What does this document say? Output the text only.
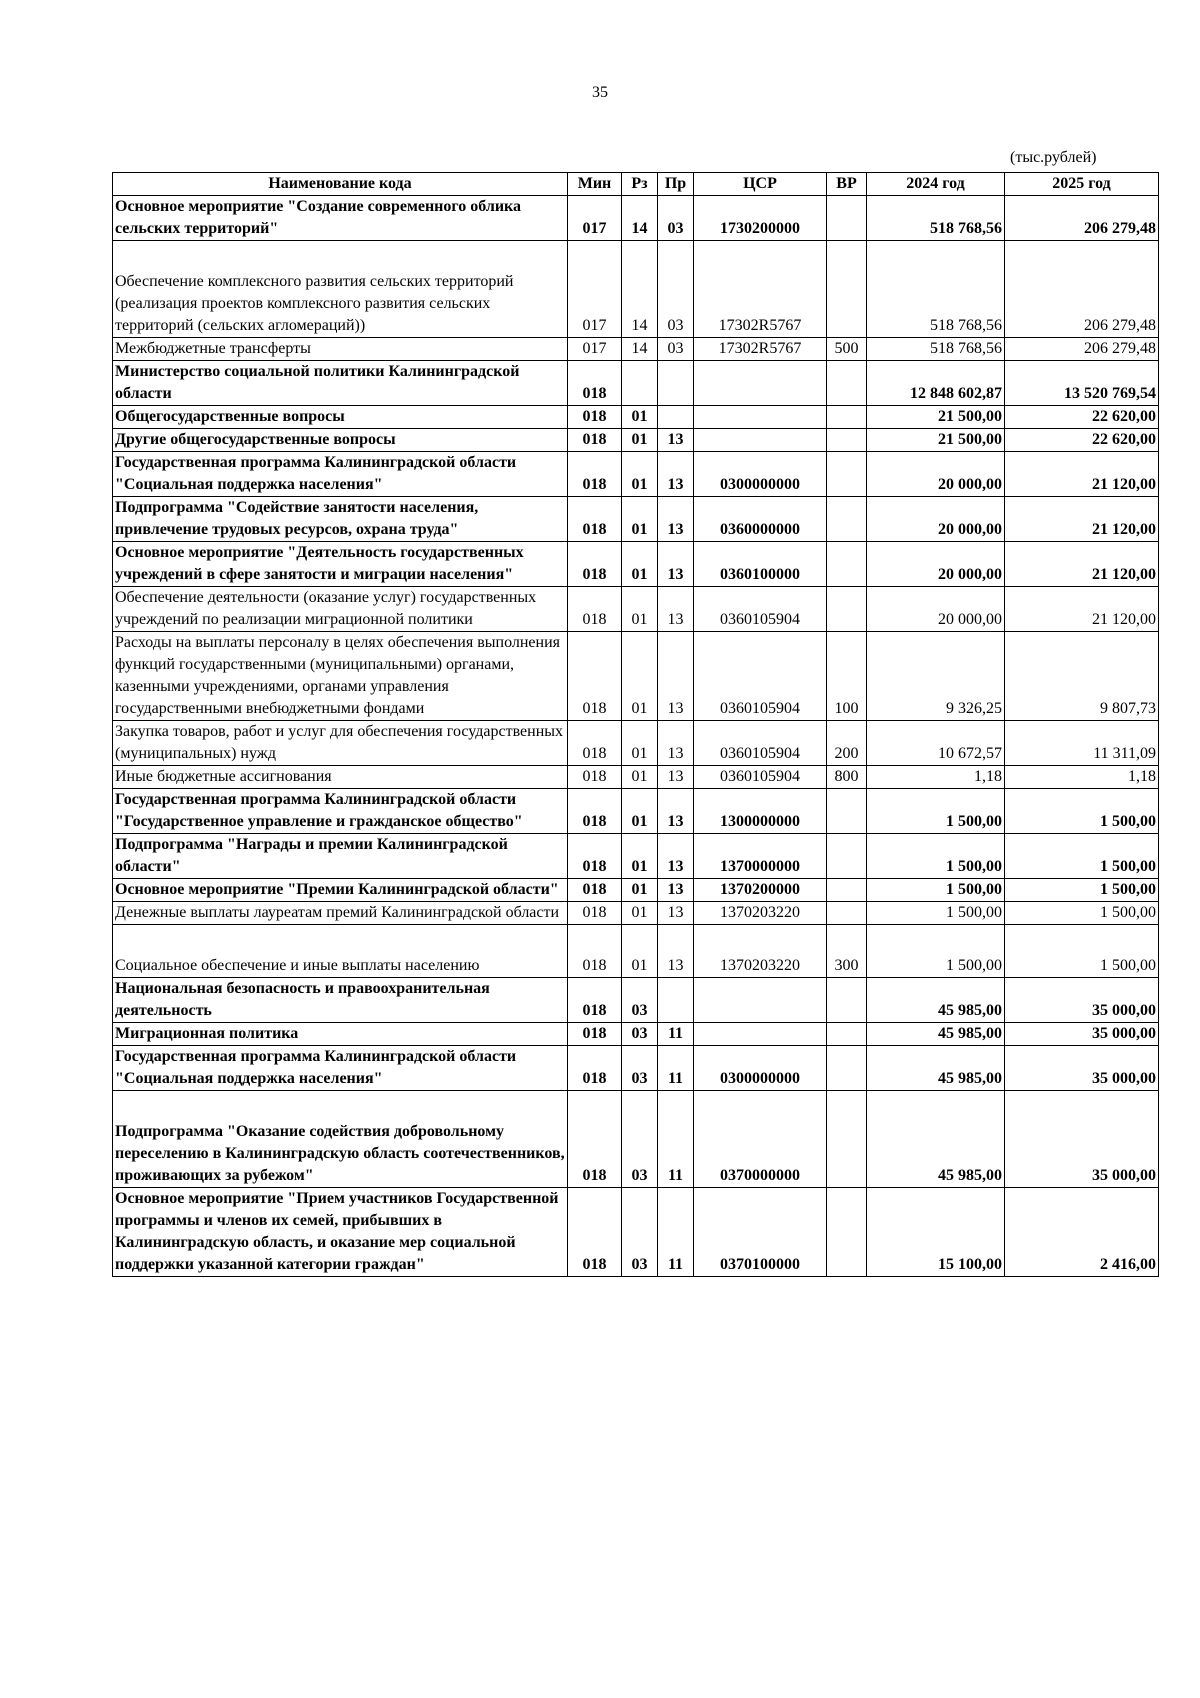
35
(тыс.рублей)
Наименование кода	Мин	Рз	Пр	ЦСР	ВР	2024 год	2025 год
Основное мероприятие "Создание современного облика сельских территорий"	017	14	03	1730200000		518 768,56	206 279,48
Обеспечение комплексного развития сельских территорий (реализация проектов комплексного развития сельских территорий (сельских агломераций))	017	14	03	17302R5767		518 768,56	206 279,48
Межбюджетные трансферты	017	14	03	17302R5767	500	518 768,56	206 279,48
Министерство социальной политики Калининградской области	018					12 848 602,87	13 520 769,54
Общегосударственные вопросы	018	01				21 500,00	22 620,00
Другие общегосударственные вопросы	018	01	13			21 500,00	22 620,00
Государственная программа Калининградской области "Социальная поддержка населения"	018	01	13	0300000000		20 000,00	21 120,00
Подпрограмма "Содействие занятости населения, привлечение трудовых ресурсов, охрана труда"	018	01	13	0360000000		20 000,00	21 120,00
Основное мероприятие "Деятельность государственных учреждений в сфере занятости и миграции населения"	018	01	13	0360100000		20 000,00	21 120,00
Обеспечение деятельности (оказание услуг) государственных учреждений по реализации миграционной политики	018	01	13	0360105904		20 000,00	21 120,00
Расходы на выплаты персоналу в целях обеспечения выполнения функций государственными (муниципальными) органами, казенными учреждениями, органами управления государственными внебюджетными фондами	018	01	13	0360105904	100	9 326,25	9 807,73
Закупка товаров, работ и услуг для обеспечения государственных (муниципальных) нужд	018	01	13	0360105904	200	10 672,57	11 311,09
Иные бюджетные ассигнования	018	01	13	0360105904	800	1,18	1,18
Государственная программа Калининградской области "Государственное управление и гражданское общество"	018	01	13	1300000000		1 500,00	1 500,00
Подпрограмма "Награды и премии Калининградской области"	018	01	13	1370000000		1 500,00	1 500,00
Основное мероприятие "Премии Калининградской области"	018	01	13	1370200000		1 500,00	1 500,00
Денежные выплаты лауреатам премий Калининградской области	018	01	13	1370203220		1 500,00	1 500,00
Социальное обеспечение и иные выплаты населению	018	01	13	1370203220	300	1 500,00	1 500,00
Национальная безопасность и правоохранительная деятельность	018	03				45 985,00	35 000,00
Миграционная политика	018	03	11			45 985,00	35 000,00
Государственная программа Калининградской области "Социальная поддержка населения"	018	03	11	0300000000		45 985,00	35 000,00
Подпрограмма "Оказание содействия добровольному переселению в Калининградскую область соотечественников, проживающих за рубежом"	018	03	11	0370000000		45 985,00	35 000,00
Основное мероприятие "Прием участников Государственной программы и членов их семей, прибывших в Калининградскую область, и оказание мер социальной поддержки указанной категории граждан"	018	03	11	0370100000		15 100,00	2 416,00
